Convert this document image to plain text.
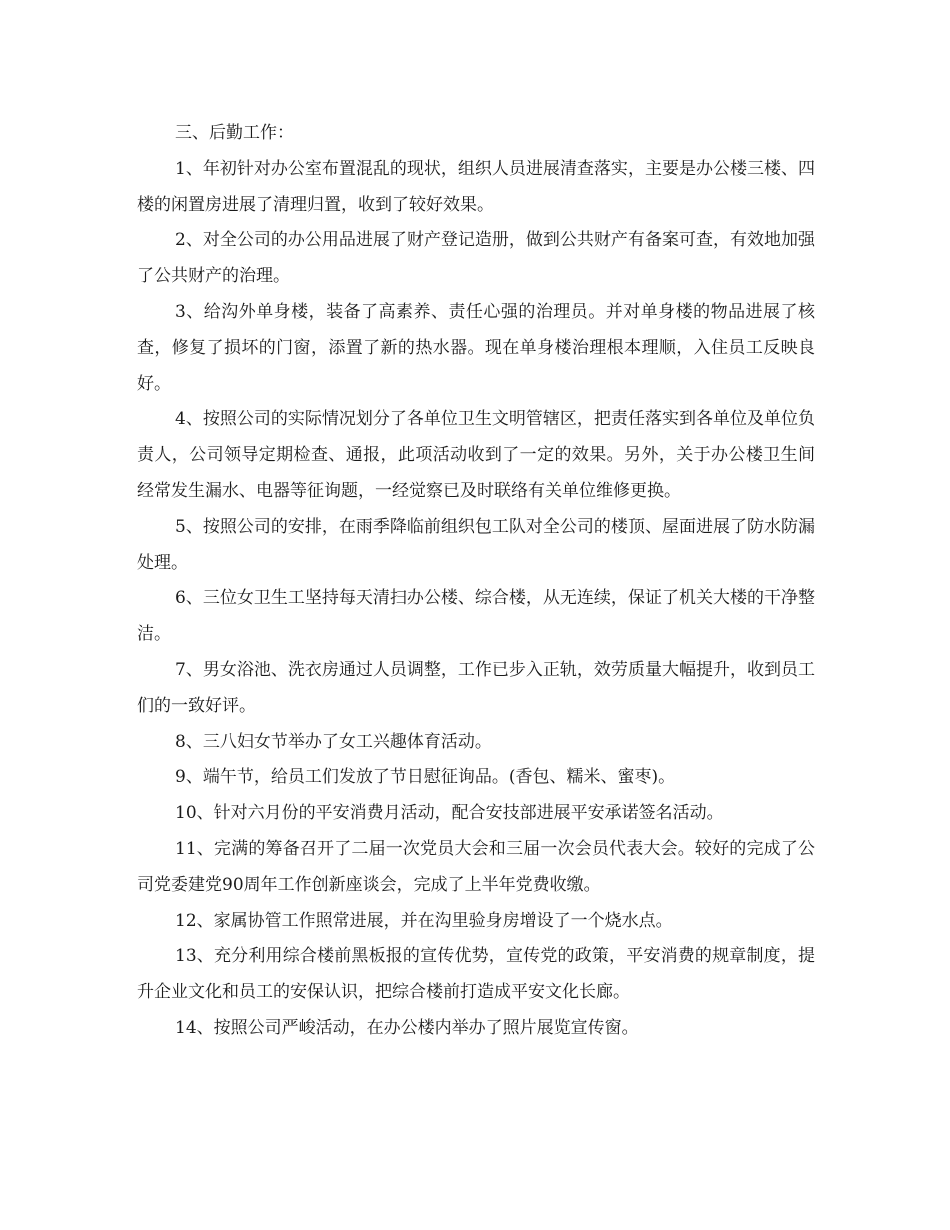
三、后勤工作：

1、年初针对办公室布置混乱的现状，组织人员进展清查落实，主要是办公楼三楼、四楼的闲置房进展了清理归置，收到了较好效果。

2、对全公司的办公用品进展了财产登记造册，做到公共财产有备案可查，有效地加强了公共财产的治理。

3、给沟外单身楼，装备了高素养、责任心强的治理员。并对单身楼的物品进展了核查，修复了损坏的门窗，添置了新的热水器。现在单身楼治理根本理顺，入住员工反映良好。

4、按照公司的实际情况划分了各单位卫生文明管辖区，把责任落实到各单位及单位负责人，公司领导定期检查、通报，此项活动收到了一定的效果。另外，关于办公楼卫生间经常发生漏水、电器等征询题，一经觉察已及时联络有关单位维修更换。

5、按照公司的安排，在雨季降临前组织包工队对全公司的楼顶、屋面进展了防水防漏处理。

6、三位女卫生工坚持每天清扫办公楼、综合楼，从无连续，保证了机关大楼的干净整洁。

7、男女浴池、洗衣房通过人员调整，工作已步入正轨，效劳质量大幅提升，收到员工们的一致好评。

8、三八妇女节举办了女工兴趣体育活动。

9、端午节，给员工们发放了节日慰征询品。(香包、糯米、蜜枣)。

10、针对六月份的平安消费月活动，配合安技部进展平安承诺签名活动。

11、完满的筹备召开了二届一次党员大会和三届一次会员代表大会。较好的完成了公司党委建党90周年工作创新座谈会，完成了上半年党费收缴。

12、家属协管工作照常进展，并在沟里验身房增设了一个烧水点。

13、充分利用综合楼前黑板报的宣传优势，宣传党的政策，平安消费的规章制度，提升企业文化和员工的安保认识，把综合楼前打造成平安文化长廊。

14、按照公司严峻活动，在办公楼内举办了照片展览宣传窗。
